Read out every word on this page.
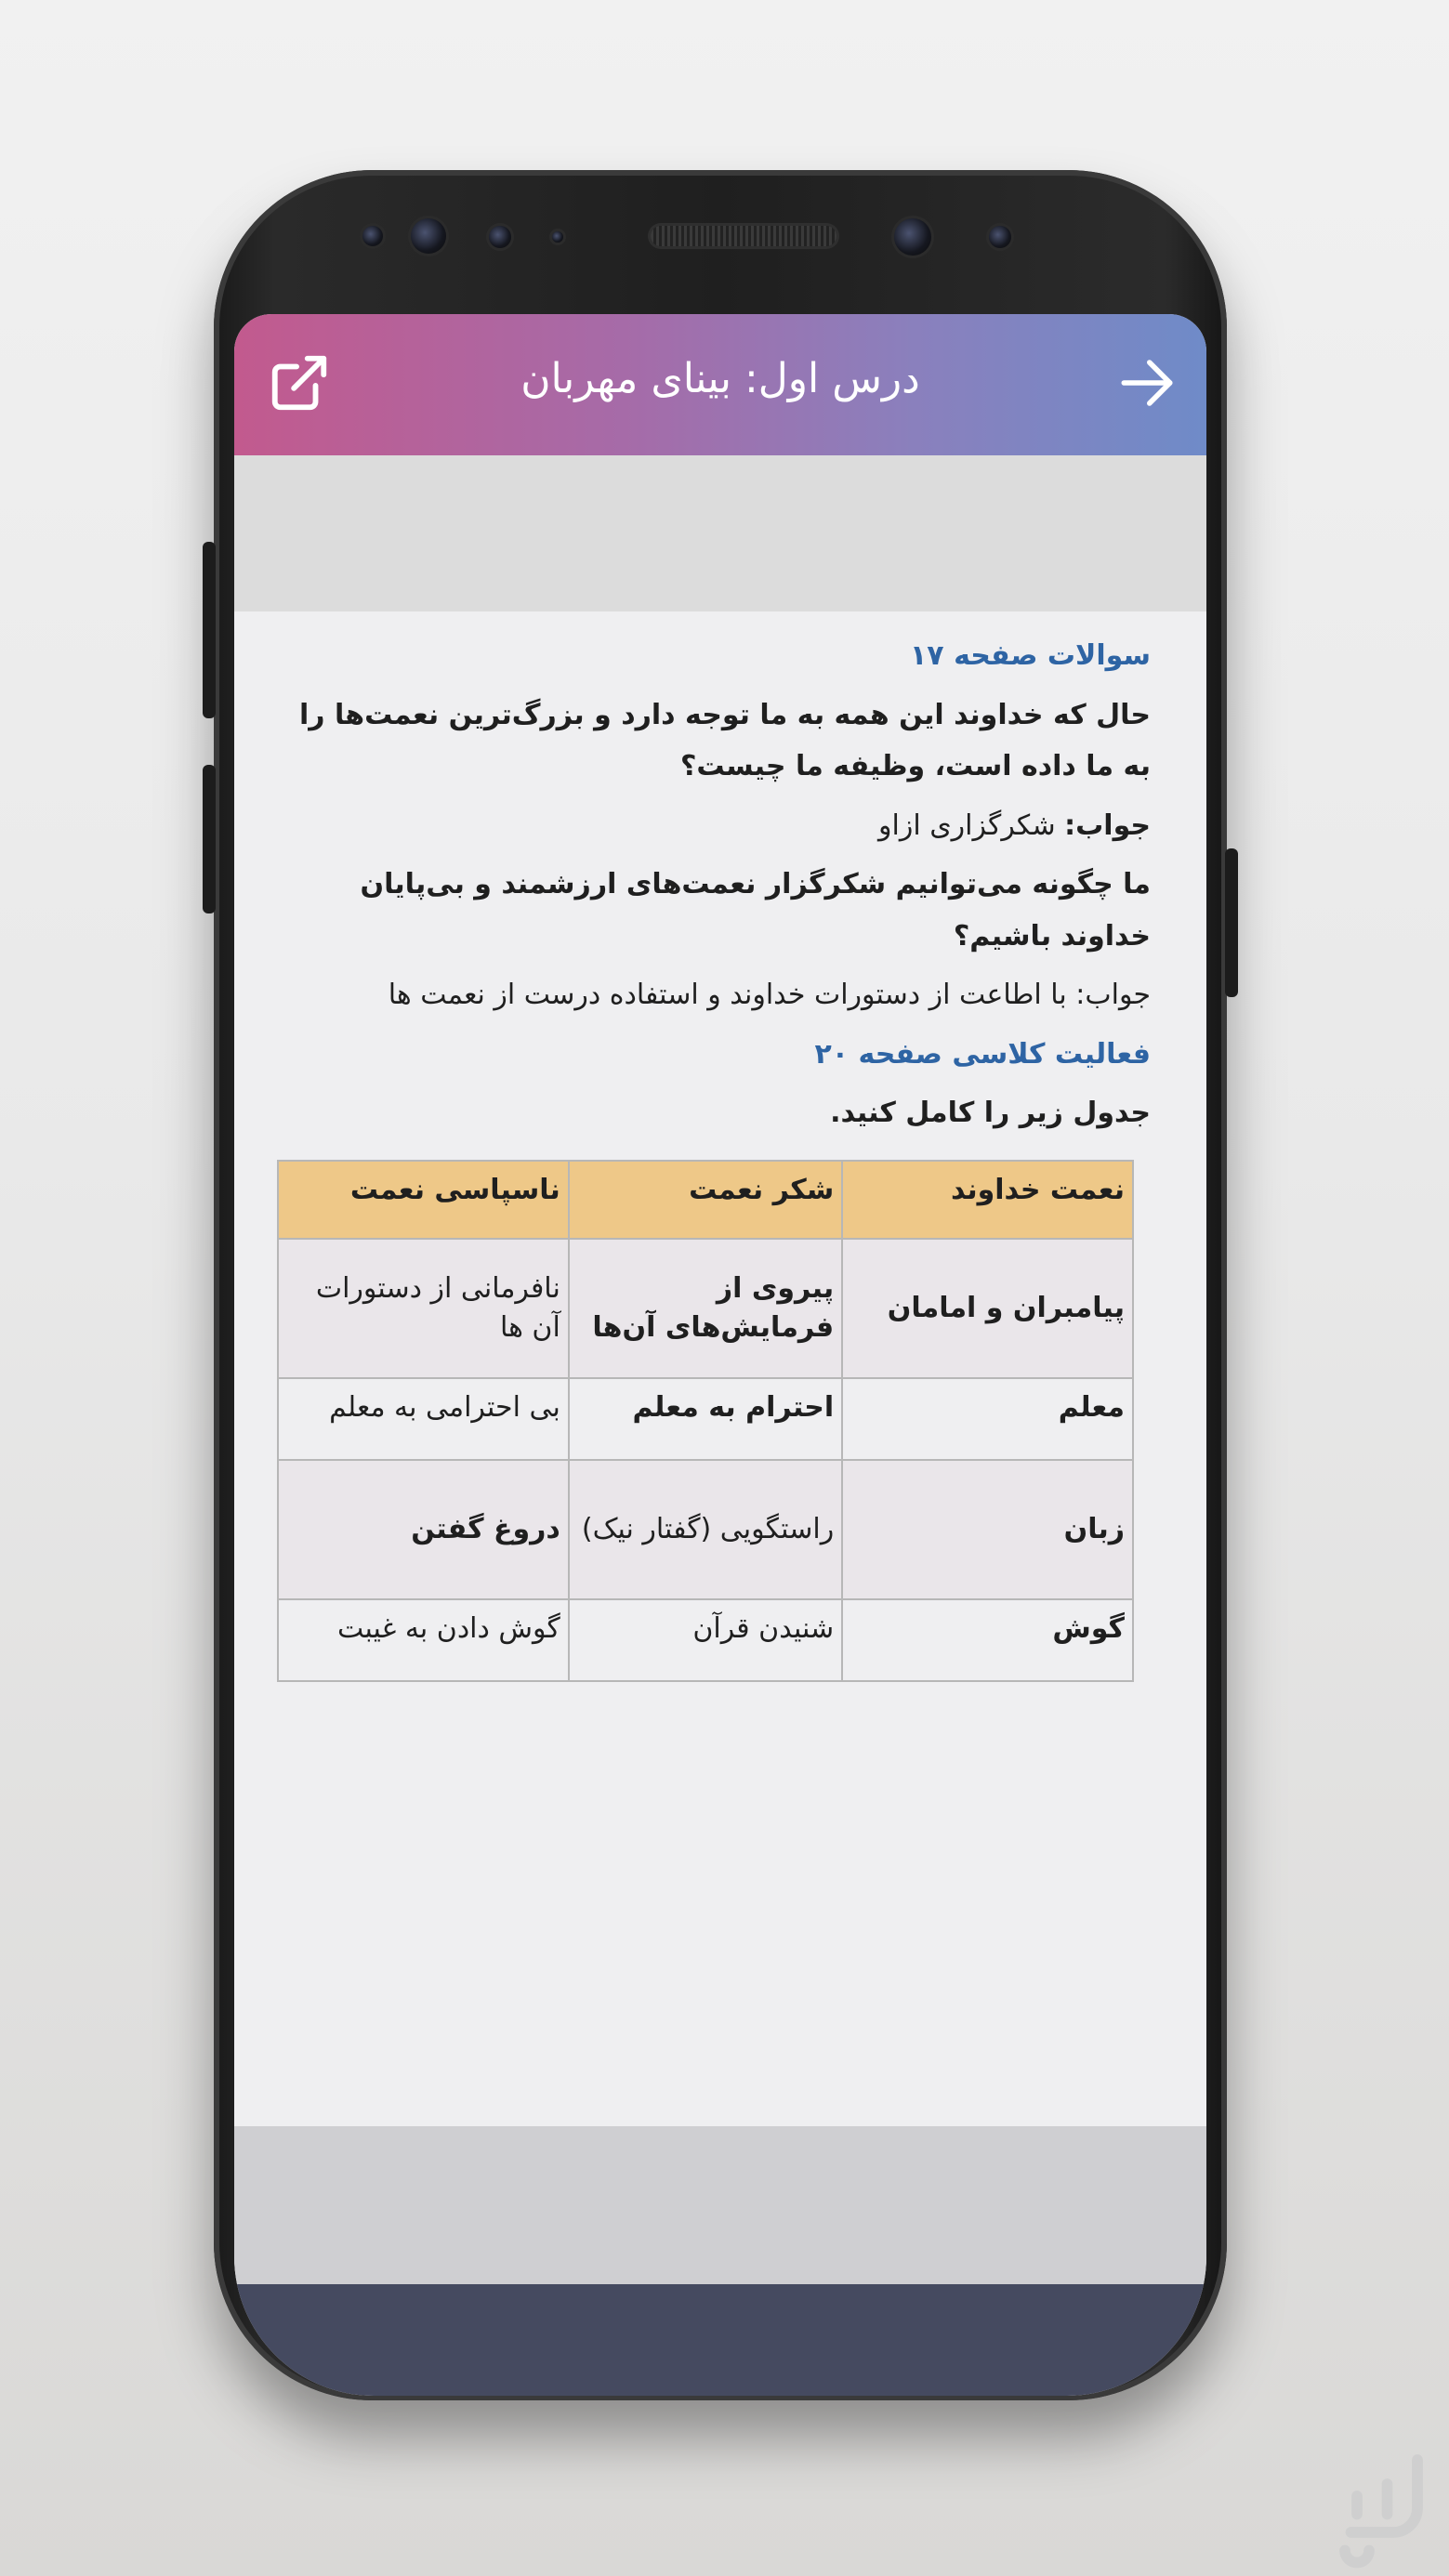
درس اول: بینای مهربان
سوالات صفحه ۱۷
حال که خداوند این همه به ما توجه دارد و بزرگ‌ترین نعمت‌ها را به ما داده است، وظیفه ما چیست؟
جواب: شکرگزاری ازاو
ما چگونه می‌توانیم شکرگزار نعمت‌های ارزشمند و بی‌پایان خداوند باشیم؟
جواب: با اطاعت از دستورات خداوند و استفاده درست از نعمت ها
فعالیت کلاسی صفحه ۲۰
جدول زیر را کامل کنید.
نعمت خداوند	شکر نعمت	ناسپاسی نعمت
پیامبران و امامان	پیروی از فرمایش‌های آن‌ها	نافرمانی از دستورات آن ها
معلم	احترام به معلم	بی احترامی به معلم
زبان	راستگویی (گفتار نیک)	دروغ گفتن
گوش	شنیدن قرآن	گوش دادن به غیبت
